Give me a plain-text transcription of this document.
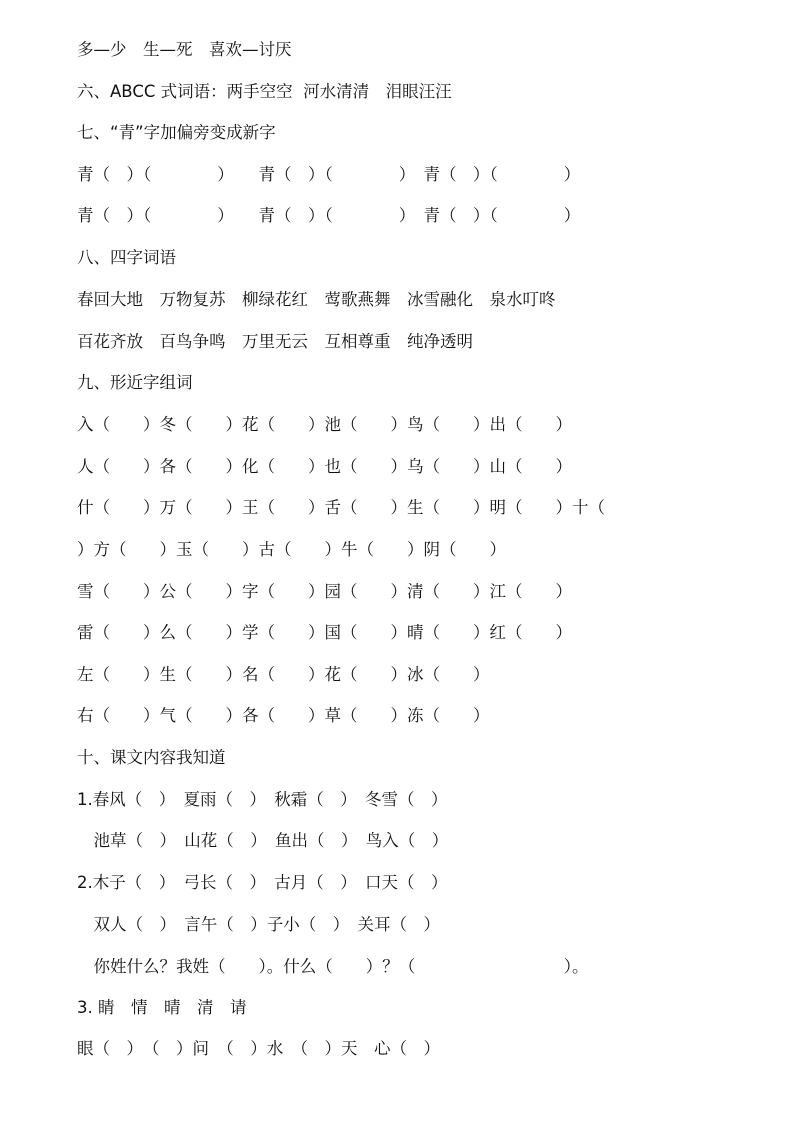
多—少　生—死　喜欢—讨厌
六、ABCC 式词语：两手空空  河水清清　泪眼汪汪
七、“青”字加偏旁变成新字
青（　）（　　　　）　　青（　）（　　　　）　青（　）（　　　　）
青（　）（　　　　）　　青（　）（　　　　）　青（　）（　　　　）
八、四字词语
春回大地　万物复苏　柳绿花红　莺歌燕舞　冰雪融化　泉水叮咚
百花齐放　百鸟争鸣　万里无云　互相尊重　纯净透明
九、形近字组词
入（　　）冬（　　）花（　　）池（　　）鸟（　　）出（　　）
人（　　）各（　　）化（　　）也（　　）乌（　　）山（　　）
什（　　）万（　　）王（　　）舌（　　）生（　　）明（　　）十（
）方（　　）玉（　　）古（　　）牛（　　）阴（　　）
雪（　　）公（　　）字（　　）园（　　）清（　　）江（　　）
雷（　　）么（　　）学（　　）国（　　）晴（　　）红（　　）
左（　　）生（　　）名（　　）花（　　）冰（　　）
右（　　）气（　　）各（　　）草（　　）冻（　　）
十、课文内容我知道
1.春风（　）　夏雨（　）　秋霜（　）　冬雪（　）
　池草（　）　山花（　）　鱼出（　）　鸟入（　）
2.木子（　）　弓长（　）　古月（　）　口天（　）
　双人（　）　言午（　）子小（　）　关耳（　）
　你姓什么？我姓（　　）。什么（　　）？（　　　　　　　　　）。
3. 睛　情　晴　清　请
眼（　）　（　）问　（　）水　（　）天　心（　）
